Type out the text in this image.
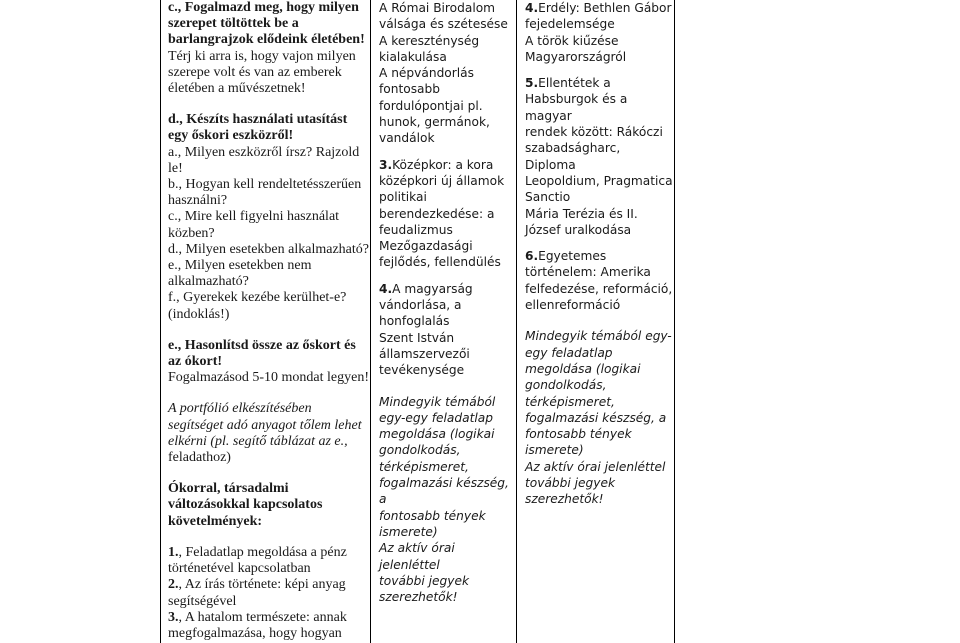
c., Fogalmazd meg, hogy milyen
szerepet töltöttek be a
barlangrajzok elődeink életében!

Térj ki arra is, hogy vajon milyen
szerepe volt és van az emberek
életében a művészetnek!

d., Készíts használati utasítást
egy őskori eszközről!

a., Milyen eszközről írsz? Rajzold
le!
b., Hogyan kell rendeltetésszerűen
használni?
c., Mire kell figyelni használat
közben?
d., Milyen esetekben alkalmazható?
e., Milyen esetekben nem
alkalmazható?
f., Gyerekek kezébe kerülhet-e?
(indoklás!)

e., Hasonlítsd össze az őskort és
az ókort!

Fogalmazásod 5-10 mondat legyen!

A portfólió elkészítésében
segítséget adó anyagot tőlem lehet
elkérni (pl. segítő táblázat az e.,
feladathoz)

Ókorral, társadalmi
változásokkal kapcsolatos
követelmények:

1., Feladatlap megoldása a pénz
történetével kapcsolatban

2., Az írás története: képi anyag
segítségével

3., A hatalom természete: annak
megfogalmazása, hogy hogyan

A Római Birodalom
válsága és szétesése
A kereszténység
kialakulása
A népvándorlás
fontosabb
fordulópontjai pl.
hunok, germánok,
vandálok

3.Középkor: a kora
középkori új államok
politikai
berendezkedése: a
feudalizmus
Mezőgazdasági
fejlődés, fellendülés

4.A magyarság
vándorlása, a
honfoglalás
Szent István
államszervezői
tevékenysége

Mindegyik témából
egy-egy feladatlap
megoldása (logikai
gondolkodás,
térképismeret,
fogalmazási készség, a
fontosabb tények
ismerete)
Az aktív órai jelenléttel
további jegyek
szerezhetők!

4.Erdély: Bethlen Gábor
fejedelemsége
A török kiűzése
Magyarországról

5.Ellentétek a
Habsburgok és a magyar
rendek között: Rákóczi
szabadságharc, Diploma
Leopoldium, Pragmatica
Sanctio
Mária Terézia és II.
József uralkodása

6.Egyetemes
történelem: Amerika
felfedezése, reformáció,
ellenreformáció

Mindegyik témából egy-
egy feladatlap
megoldása (logikai
gondolkodás,
térképismeret,
fogalmazási készség, a
fontosabb tények
ismerete)
Az aktív órai jelenléttel
további jegyek
szerezhetők!
